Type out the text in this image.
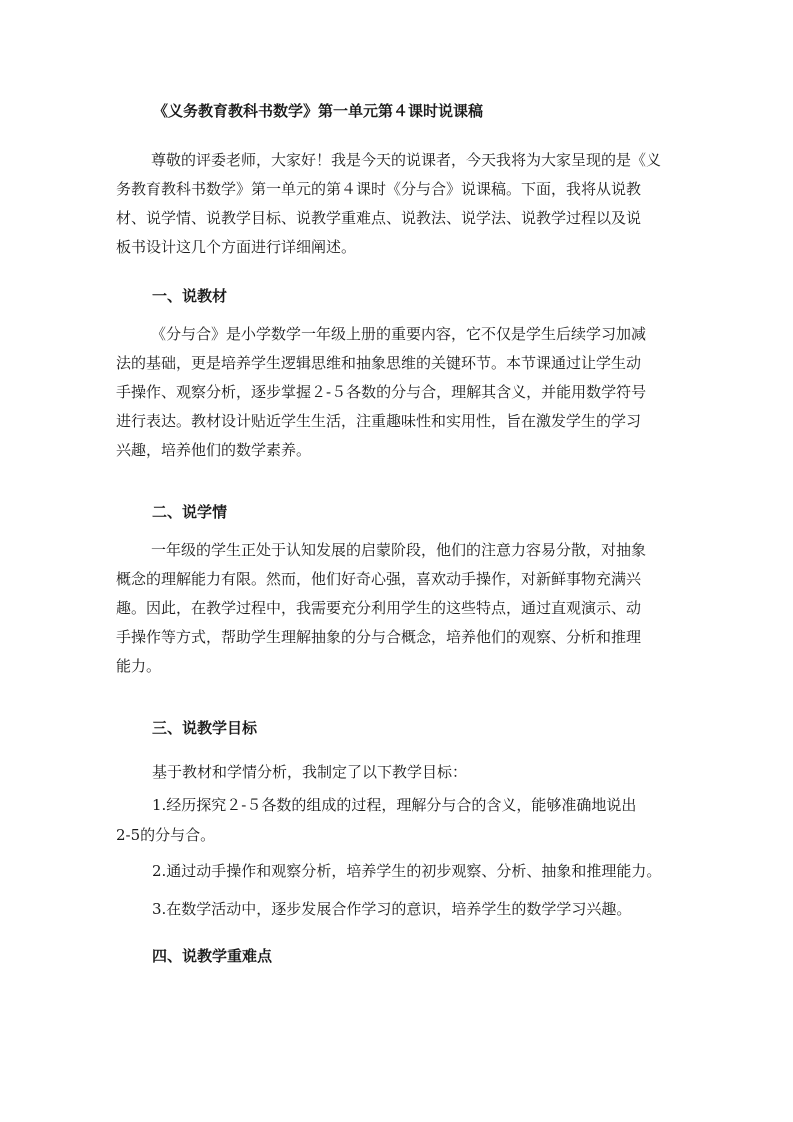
《义务教育教科书数学》第一单元第４课时说课稿
尊敬的评委老师，大家好！我是今天的说课者，今天我将为大家呈现的是《义
务教育教科书数学》第一单元的第４课时《分与合》说课稿。下面，我将从说教
材、说学情、说教学目标、说教学重难点、说教法、说学法、说教学过程以及说
板书设计这几个方面进行详细阐述。
一、说教材
《分与合》是小学数学一年级上册的重要内容，它不仅是学生后续学习加减
法的基础，更是培养学生逻辑思维和抽象思维的关键环节。本节课通过让学生动
手操作、观察分析，逐步掌握２-５各数的分与合，理解其含义，并能用数学符号
进行表达。教材设计贴近学生生活，注重趣味性和实用性，旨在激发学生的学习
兴趣，培养他们的数学素养。
二、说学情
一年级的学生正处于认知发展的启蒙阶段，他们的注意力容易分散，对抽象
概念的理解能力有限。然而，他们好奇心强，喜欢动手操作，对新鲜事物充满兴
趣。因此，在教学过程中，我需要充分利用学生的这些特点，通过直观演示、动
手操作等方式，帮助学生理解抽象的分与合概念，培养他们的观察、分析和推理
能力。
三、说教学目标
基于教材和学情分析，我制定了以下教学目标：
1.经历探究２-５各数的组成的过程，理解分与合的含义，能够准确地说出
2-5的分与合。
2.通过动手操作和观察分析，培养学生的初步观察、分析、抽象和推理能力。
3.在数学活动中，逐步发展合作学习的意识，培养学生的数学学习兴趣。
四、说教学重难点
